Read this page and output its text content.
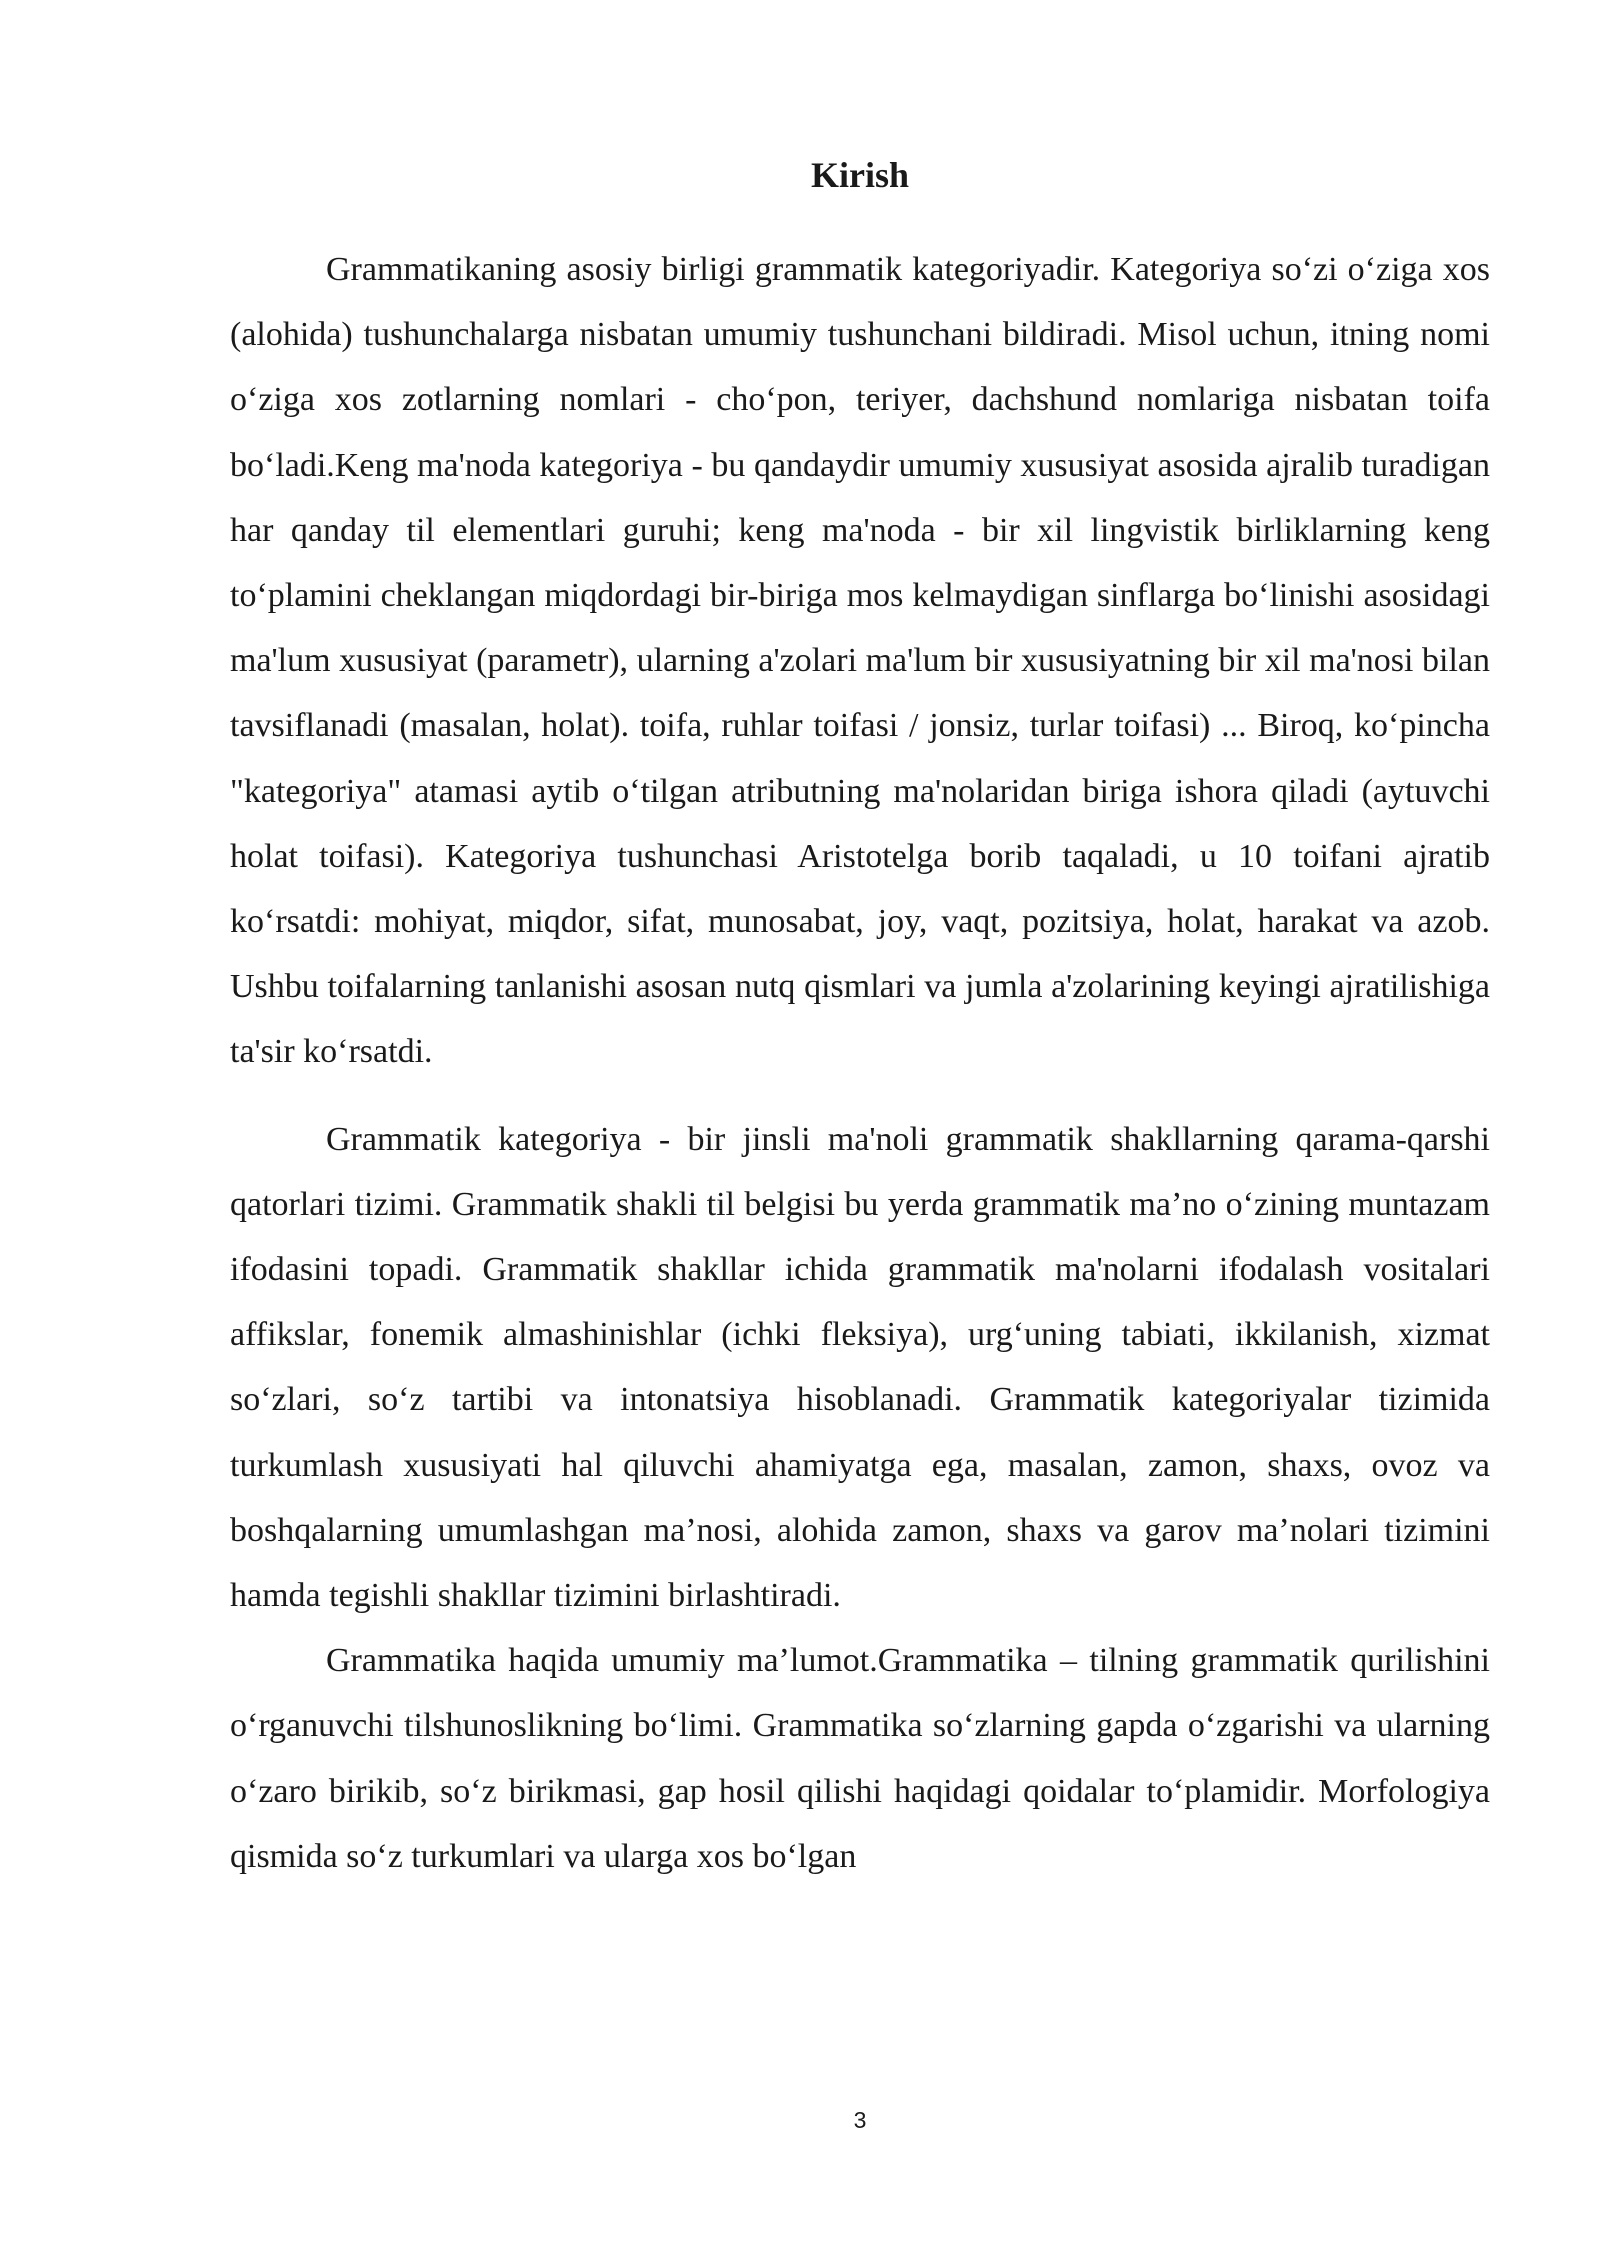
Kirish

Grammatikaning asosiy birligi grammatik kategoriyadir. Kategoriya so‘zi o‘ziga xos (alohida) tushunchalarga nisbatan umumiy tushunchani bildiradi. Misol uchun, itning nomi o‘ziga xos zotlarning nomlari - cho‘pon, teriyer, dachshund nomlariga nisbatan toifa bo‘ladi.Keng ma'noda kategoriya - bu qandaydir umumiy xususiyat asosida ajralib turadigan har qanday til elementlari guruhi; keng ma'noda - bir xil lingvistik birliklarning keng to‘plamini cheklangan miqdordagi bir-biriga mos kelmaydigan sinflarga bo‘linishi asosidagi ma'lum xususiyat (parametr), ularning a'zolari ma'lum bir xususiyatning bir xil ma'nosi bilan tavsiflanadi (masalan, holat). toifa, ruhlar toifasi / jonsiz, turlar toifasi) ... Biroq, ko‘pincha "kategoriya" atamasi aytib o‘tilgan atributning ma'nolaridan biriga ishora qiladi (aytuvchi holat toifasi). Kategoriya tushunchasi Aristotelga borib taqaladi, u 10 toifani ajratib ko‘rsatdi: mohiyat, miqdor, sifat, munosabat, joy, vaqt, pozitsiya, holat, harakat va azob. Ushbu toifalarning tanlanishi asosan nutq qismlari va jumla a'zolarining keyingi ajratilishiga ta'sir ko‘rsatdi.

Grammatik kategoriya - bir jinsli ma'noli grammatik shakllarning qarama-qarshi qatorlari tizimi. Grammatik shakli til belgisi bu yerda grammatik ma’no o‘zining muntazam ifodasini topadi. Grammatik shakllar ichida grammatik ma'nolarni ifodalash vositalari affikslar, fonemik almashinishlar (ichki fleksiya), urg‘uning tabiati, ikkilanish, xizmat so‘zlari, so‘z tartibi va intonatsiya hisoblanadi. Grammatik kategoriyalar tizimida turkumlash xususiyati hal qiluvchi ahamiyatga ega, masalan, zamon, shaxs, ovoz va boshqalarning umumlashgan ma’nosi, alohida zamon, shaxs va garov ma’nolari tizimini hamda tegishli shakllar tizimini birlashtiradi.

Grammatika haqida umumiy ma’lumot.Grammatika – tilning grammatik qurilishini o‘rganuvchi tilshunoslikning bo‘limi. Grammatika so‘zlarning gapda o‘zgarishi va ularning o‘zaro birikib, so‘z birikmasi, gap hosil qilishi haqidagi qoidalar to‘plamidir. Morfologiya qismida so‘z turkumlari va ularga xos bo‘lgan

3
